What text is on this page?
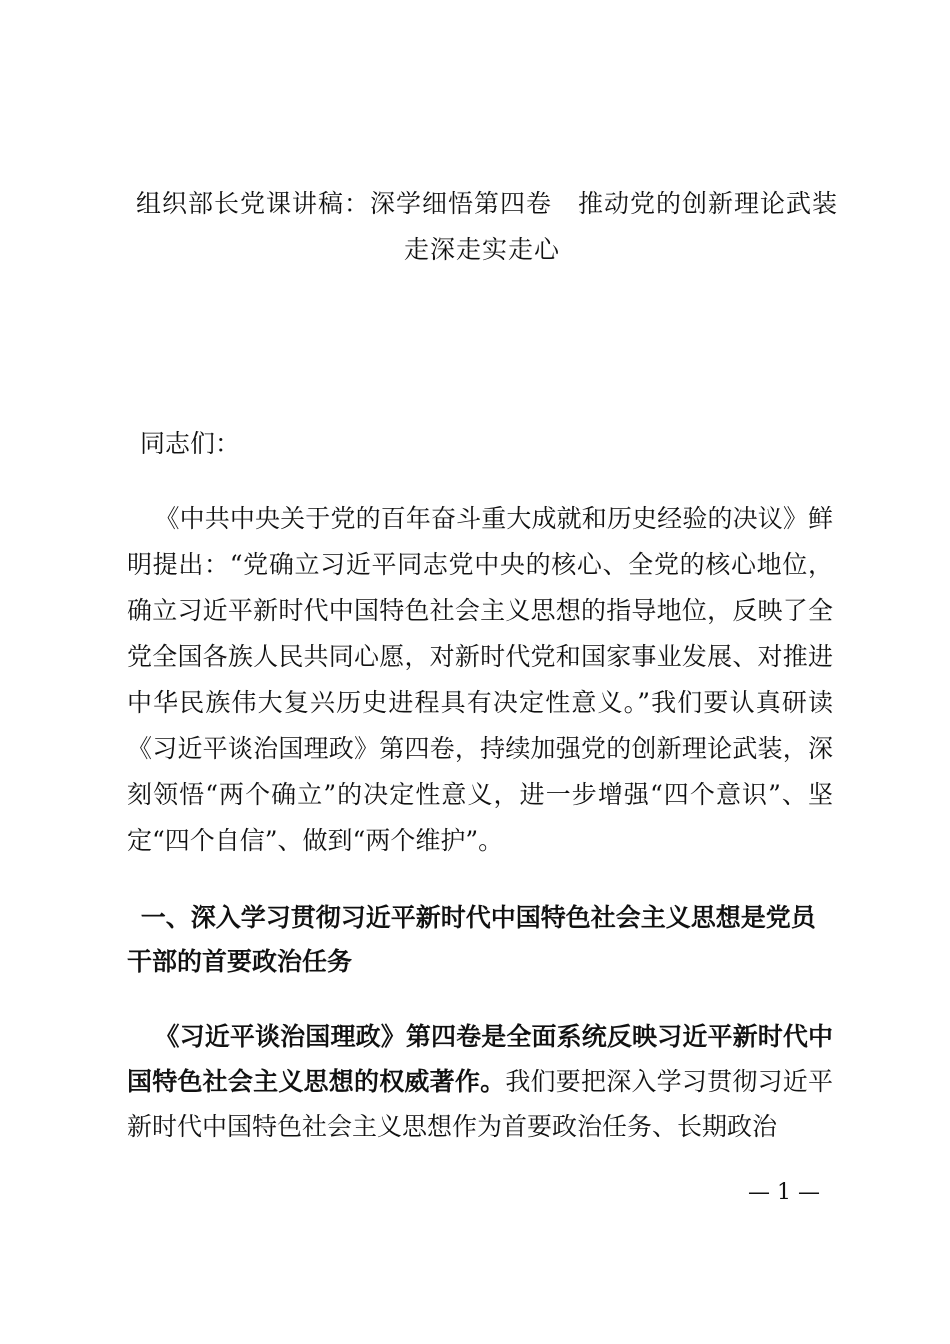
组织部长党课讲稿：深学细悟第四卷　推动党的创新理论武装
走深走实走心
同志们：
《中共中央关于党的百年奋斗重大成就和历史经验的决议》鲜明提出：“党确立习近平同志党中央的核心、全党的核心地位，确立习近平新时代中国特色社会主义思想的指导地位，反映了全党全国各族人民共同心愿，对新时代党和国家事业发展、对推进中华民族伟大复兴历史进程具有决定性意义。”我们要认真研读《习近平谈治国理政》第四卷，持续加强党的创新理论武装，深刻领悟“两个确立”的决定性意义，进一步增强“四个意识”、坚定“四个自信”、做到“两个维护”。
一、深入学习贯彻习近平新时代中国特色社会主义思想是党员干部的首要政治任务
《习近平谈治国理政》第四卷是全面系统反映习近平新时代中国特色社会主义思想的权威著作。我们要把深入学习贯彻习近平新时代中国特色社会主义思想作为首要政治任务、长期政治
— 1 —
